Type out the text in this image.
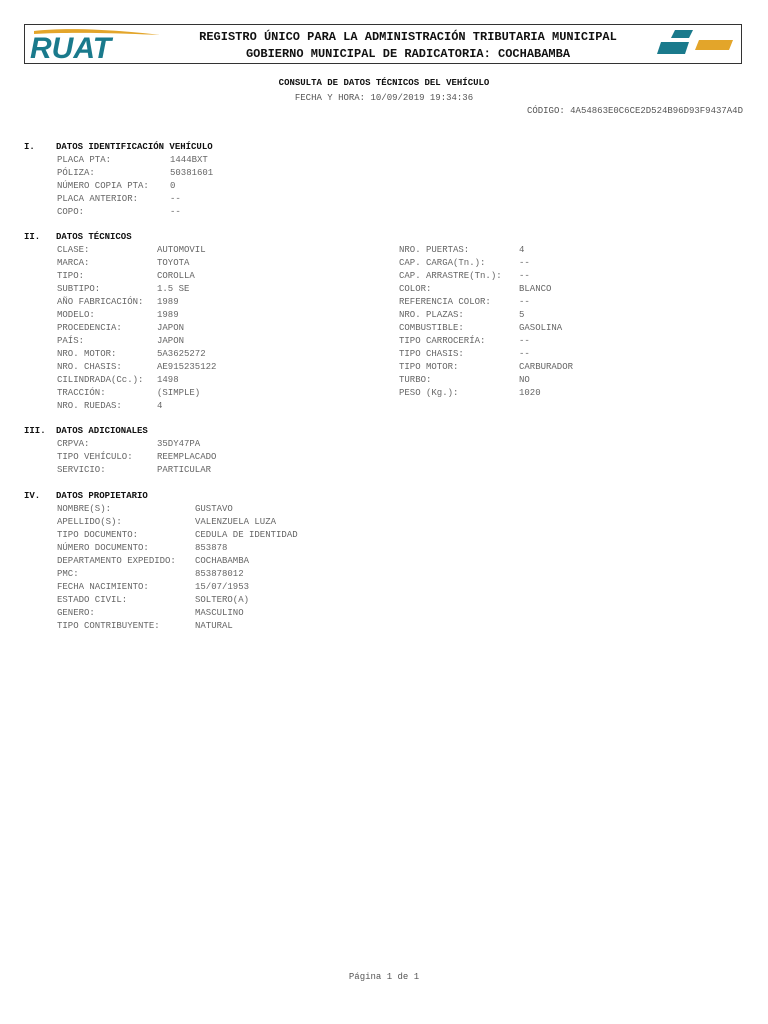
RUAT	REGISTRO ÚNICO PARA LA ADMINISTRACIÓN TRIBUTARIA MUNICIPAL
GOBIERNO MUNICIPAL DE RADICATORIA: COCHABAMBA
CONSULTA DE DATOS TÉCNICOS DEL VEHÍCULO
FECHA Y HORA: 10/09/2019 19:34:36
CÓDIGO: 4A54863E0C6CE2D524B96D93F9437A4D
I. DATOS IDENTIFICACIÓN VEHÍCULO
PLACA PTA:	1444BXT
PÓLIZA:	50381601
NÚMERO COPIA PTA: 0
PLACA ANTERIOR:	--
COPO:	--
II. DATOS TÉCNICOS
CLASE:	AUTOMOVIL
MARCA:	TOYOTA
TIPO:	COROLLA
SUBTIPO:	1.5 SE
AÑO FABRICACIÓN: 1989
MODELO:	1989
PROCEDENCIA:	JAPON
PAÍS:	JAPON
NRO. MOTOR:	5A3625272
NRO. CHASIS:	AE915235122
CILINDRADA(Cc.): 1498
TRACCIÓN:	(SIMPLE)
NRO. RUEDAS:	4
NRO. PUERTAS:	4
CAP. CARGA(Tn.):	--
CAP. ARRASTRE(Tn.): --
COLOR:	BLANCO
REFERENCIA COLOR:	--
NRO. PLAZAS:	5
COMBUSTIBLE:	GASOLINA
TIPO CARROCERÍA:	--
TIPO CHASIS:	--
TIPO MOTOR:	CARBURADOR
TURBO:	NO
PESO (Kg.):	1020
III. DATOS ADICIONALES
CRPVA:	35DY47PA
TIPO VEHÍCULO:	REEMPLACADO
SERVICIO:	PARTICULAR
IV. DATOS PROPIETARIO
NOMBRE(S):	GUSTAVO
APELLIDO(S):	VALENZUELA LUZA
TIPO DOCUMENTO:	CEDULA DE IDENTIDAD
NÚMERO DOCUMENTO:	853878
DEPARTAMENTO EXPEDIDO: COCHABAMBA
PMC:	853878012
FECHA NACIMIENTO:	15/07/1953
ESTADO CIVIL:	SOLTERO(A)
GENERO:	MASCULINO
TIPO CONTRIBUYENTE:	NATURAL
Página 1 de 1
